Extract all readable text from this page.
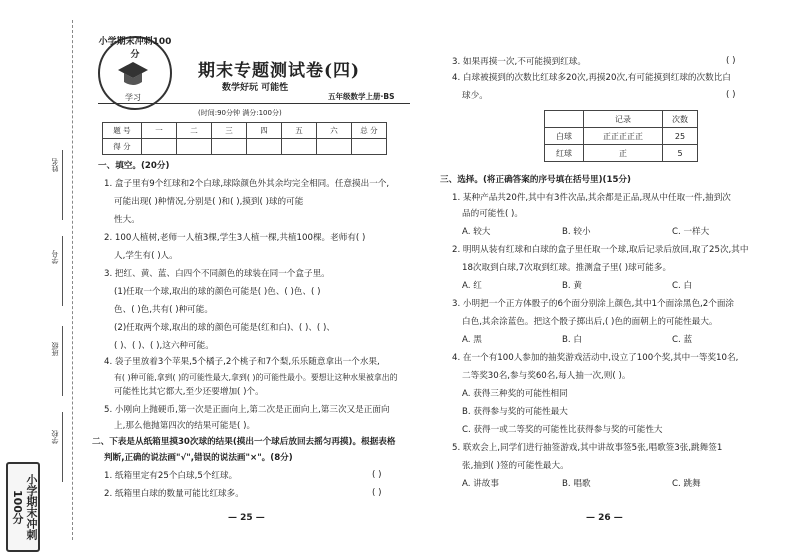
姓名
学号
班级
学校
小学期末冲刺100分
小学期末冲刺100分
学习
期末专题测试卷(四)
数学好玩 可能性
五年级数学上册·BS
(时间:90分钟 满分:100分)
题 号	一	二	三	四	五	六	总 分
得 分							
一、填空。(20分)
1. 盒子里有9个红球和2个白球,球除颜色外其余均完全相同。任意摸出一个,
可能出现( )种情况,分别是( )和( ),摸到( )球的可能
性大。
2. 100人植树,老师一人植3棵,学生3人植一棵,共植100棵。老师有( )
人,学生有( )人。
3. 把红、黄、蓝、白四个不同颜色的球装在同一个盒子里。
(1)任取一个球,取出的球的颜色可能是( )色、( )色、( )
色、( )色,共有( )种可能。
(2)任取两个球,取出的球的颜色可能是(红和白)、( )、( )、
( )、( )、( ),这六种可能。
4. 袋子里放着3个苹果,5个橘子,2个桃子和7个梨,乐乐随意拿出一个水果,
有( )种可能,拿到( )的可能性最大,拿到( )的可能性最小。要想让这种水果被拿出的
可能性比其它都大,至少还要增加( )个。
5. 小刚向上抛硬币,第一次是正面向上,第二次是正面向上,第三次又是正面向
上,那么他抛第四次的结果可能是( )。
二、下表是从纸箱里摸30次球的结果(摸出一个球后放回去摇匀再摸)。根据表格
判断,正确的说法画"√",错误的说法画"×"。(8分)
1. 纸箱里定有25个白球,5个红球。	( )
2. 纸箱里白球的数量可能比红球多。	( )
— 25 —
3. 如果再摸一次,不可能摸到红球。	( )
4. 白球被摸到的次数比红球多20次,再摸20次,有可能摸到红球的次数比白
球少。	( )
	记录	次数
白球	正正正正正	25
红球	正	5
三、选择。(将正确答案的序号填在括号里)(15分)
1. 某种产品共20件,其中有3件次品,其余都是正品,现从中任取一件,抽到次
品的可能性( )。
A. 较大	B. 较小	C. 一样大
2. 明明从装有红球和白球的盒子里任取一个球,取后记录后放回,取了25次,其中
18次取到白球,7次取到红球。推测盒子里( )球可能多。
A. 红	B. 黄	C. 白
3. 小明把一个正方体骰子的6个面分别涂上颜色,其中1个面涂黑色,2个面涂
白色,其余涂蓝色。把这个骰子掷出后,( )色的面朝上的可能性最大。
A. 黑	B. 白	C. 蓝
4. 在一个有100人参加的抽奖游戏活动中,设立了100个奖,其中一等奖10名,
二等奖30名,参与奖60名,每人抽一次,则( )。
A. 获得三种奖的可能性相同
B. 获得参与奖的可能性最大
C. 获得一或二等奖的可能性比获得参与奖的可能性大
5. 联欢会上,同学们进行抽签游戏,其中讲故事签5张,唱歌签3张,跳舞签1
张,抽到( )签的可能性最大。
A. 讲故事	B. 唱歌	C. 跳舞
— 26 —
